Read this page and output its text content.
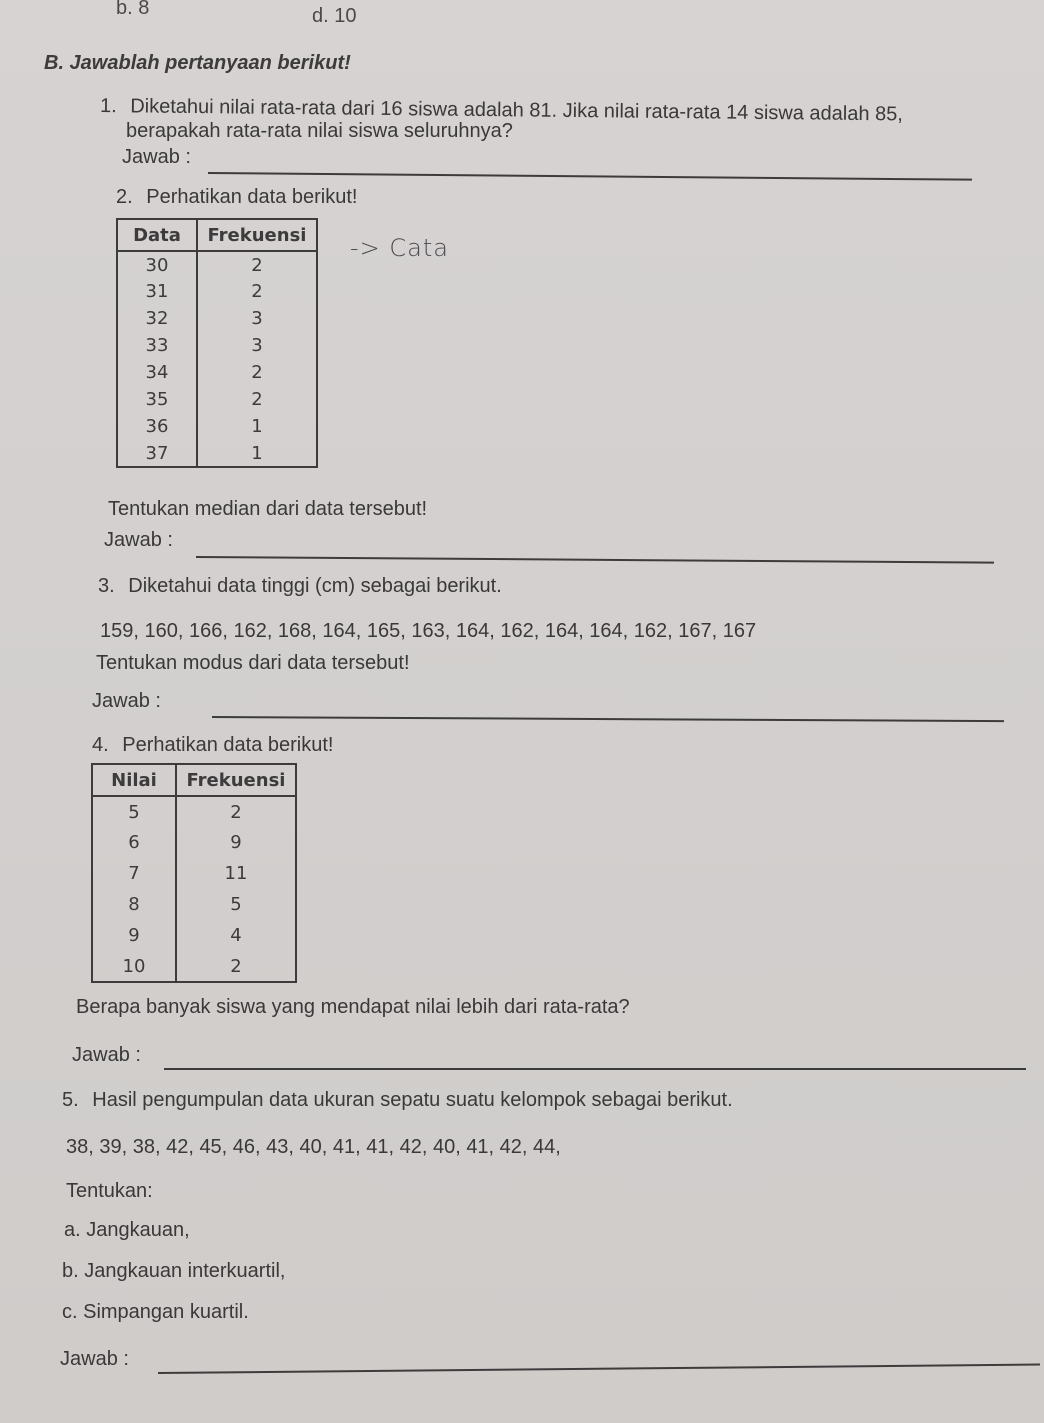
b. 8	d. 10
B. Jawablah pertanyaan berikut!
1. Diketahui nilai rata-rata dari 16 siswa adalah 81. Jika nilai rata-rata 14 siswa adalah 85,
berapakah rata-rata nilai siswa seluruhnya?
Jawab :
2. Perhatikan data berikut!
Data	Frekuensi
30	2
31	2
32	3
33	3
34	2
35	2
36	1
37	1
-> Cata
Tentukan median dari data tersebut!
Jawab :
3. Diketahui data tinggi (cm) sebagai berikut.
159, 160, 166, 162, 168, 164, 165, 163, 164, 162, 164, 164, 162, 167, 167
Tentukan modus dari data tersebut!
Jawab :
4. Perhatikan data berikut!
Nilai	Frekuensi
5	2
6	9
7	11
8	5
9	4
10	2
Berapa banyak siswa yang mendapat nilai lebih dari rata-rata?
Jawab :
5. Hasil pengumpulan data ukuran sepatu suatu kelompok sebagai berikut.
38, 39, 38, 42, 45, 46, 43, 40, 41, 41, 42, 40, 41, 42, 44,
Tentukan:
a. Jangkauan,
b. Jangkauan interkuartil,
c. Simpangan kuartil.
Jawab :
